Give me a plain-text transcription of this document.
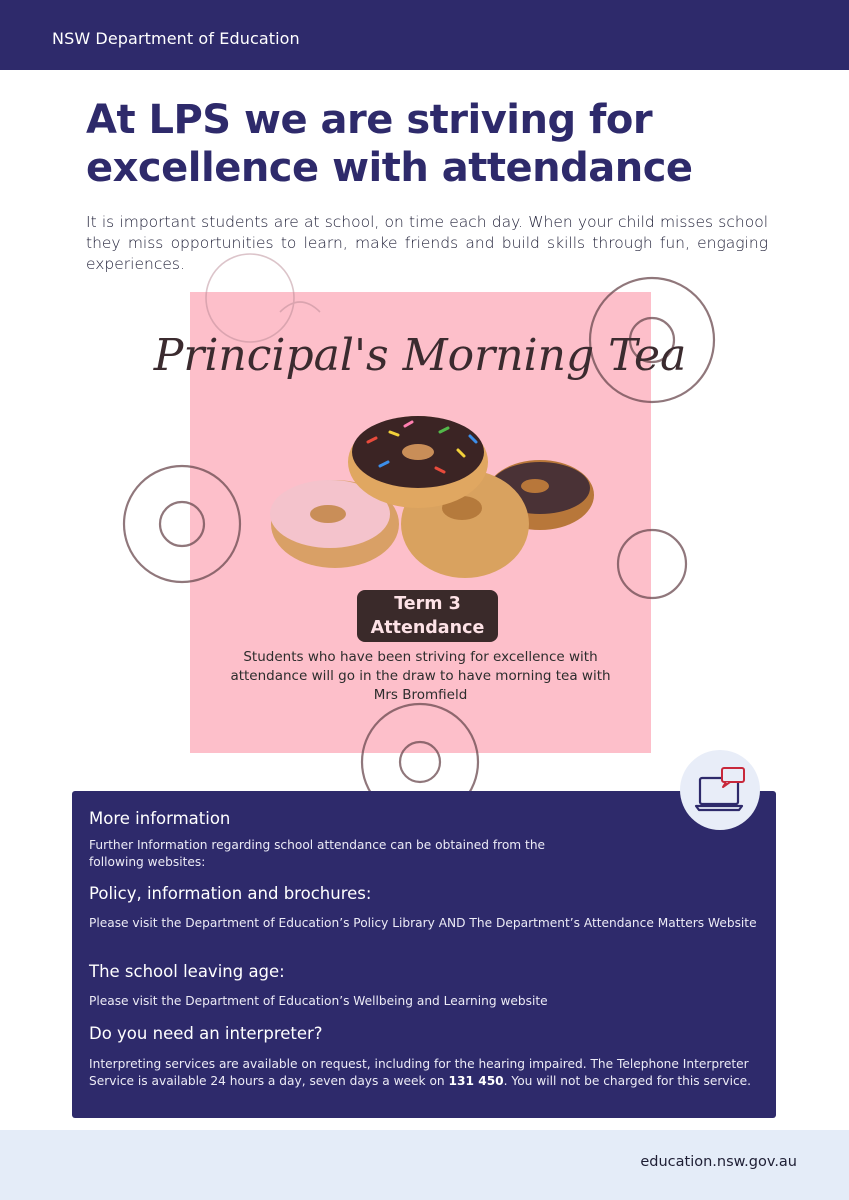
NSW Department of Education
At LPS we are striving for excellence with attendance

It is important students are at school, on time each day. When your child misses school they miss opportunities to learn, make friends and build skills through fun, engaging experiences.

Principal's Morning Tea
Term 3
Attendance
Students who have been striving for excellence with attendance will go in the draw to have morning tea with Mrs Bromfield
More information
Further Information regarding school attendance can be obtained from the following websites:
Policy, information and brochures:
Please visit the Department of Education’s Policy Library AND The Department’s Attendance Matters Website
The school leaving age:
Please visit the Department of Education’s Wellbeing and Learning website
Do you need an interpreter?
Interpreting services are available on request, including for the hearing impaired. The Telephone Interpreter Service is available 24 hours a day, seven days a week on 131 450. You will not be charged for this service.
education.nsw.gov.au
